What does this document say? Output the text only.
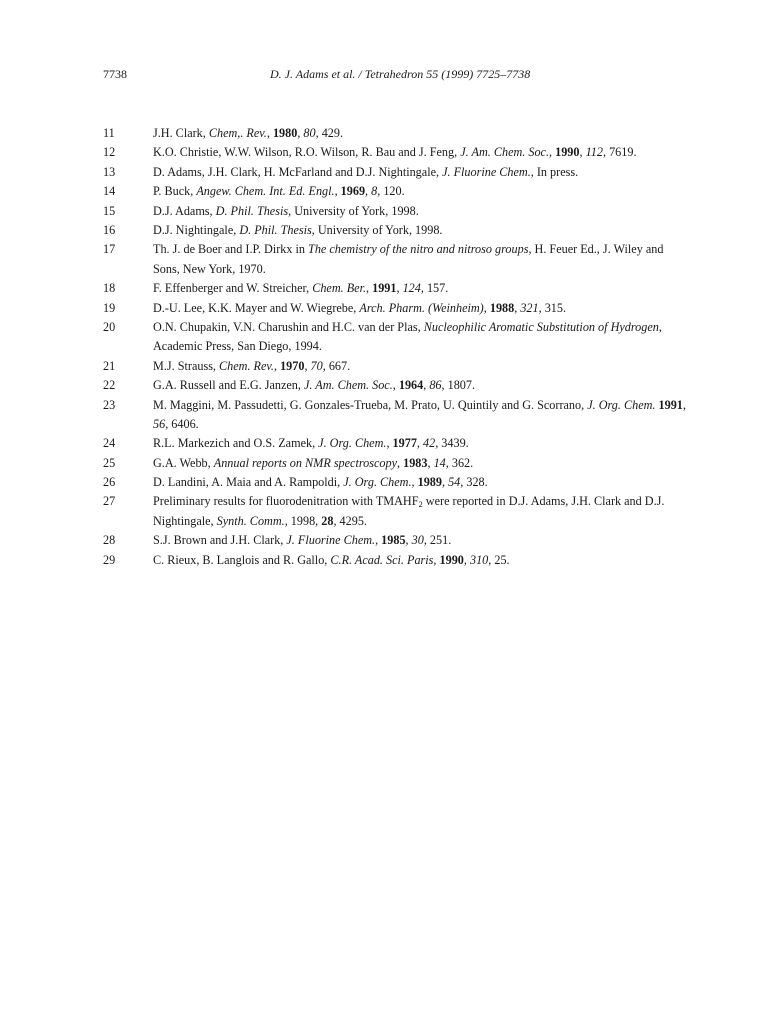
7738	D. J. Adams et al. / Tetrahedron 55 (1999) 7725–7738
11	J.H. Clark, Chem,. Rev., 1980, 80, 429.
12	K.O. Christie, W.W. Wilson, R.O. Wilson, R. Bau and J. Feng, J. Am. Chem. Soc., 1990, 112, 7619.
13	D. Adams, J.H. Clark, H. McFarland and D.J. Nightingale, J. Fluorine Chem., In press.
14	P. Buck, Angew. Chem. Int. Ed. Engl., 1969, 8, 120.
15	D.J. Adams, D. Phil. Thesis, University of York, 1998.
16	D.J. Nightingale, D. Phil. Thesis, University of York, 1998.
17	Th. J. de Boer and I.P. Dirkx in The chemistry of the nitro and nitroso groups, H. Feuer Ed., J. Wiley and Sons, New York, 1970.
18	F. Effenberger and W. Streicher, Chem. Ber., 1991, 124, 157.
19	D.-U. Lee, K.K. Mayer and W. Wiegrebe, Arch. Pharm. (Weinheim), 1988, 321, 315.
20	O.N. Chupakin, V.N. Charushin and H.C. van der Plas, Nucleophilic Aromatic Substitution of Hydrogen, Academic Press, San Diego, 1994.
21	M.J. Strauss, Chem. Rev., 1970, 70, 667.
22	G.A. Russell and E.G. Janzen, J. Am. Chem. Soc., 1964, 86, 1807.
23	M. Maggini, M. Passudetti, G. Gonzales-Trueba, M. Prato, U. Quintily and G. Scorrano, J. Org. Chem. 1991, 56, 6406.
24	R.L. Markezich and O.S. Zamek, J. Org. Chem., 1977, 42, 3439.
25	G.A. Webb, Annual reports on NMR spectroscopy, 1983, 14, 362.
26	D. Landini, A. Maia and A. Rampoldi, J. Org. Chem., 1989, 54, 328.
27	Preliminary results for fluorodenitration with $TMAHF_2$ were reported in D.J. Adams, J.H. Clark and D.J. Nightingale, Synth. Comm., 1998, 28, 4295.
28	S.J. Brown and J.H. Clark, J. Fluorine Chem., 1985, 30, 251.
29	C. Rieux, B. Langlois and R. Gallo, C.R. Acad. Sci. Paris, 1990, 310, 25.
